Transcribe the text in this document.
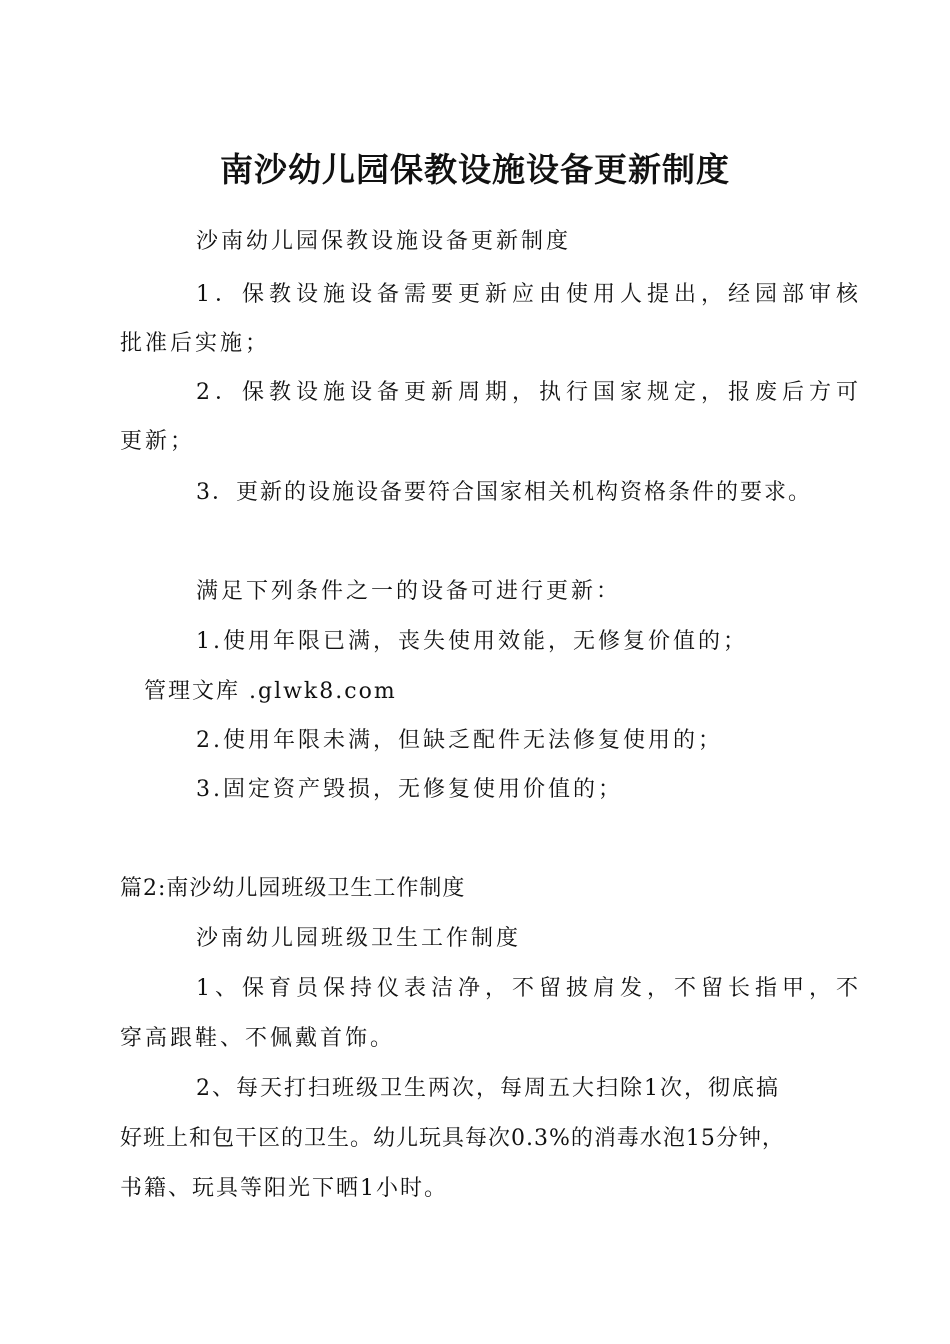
南沙幼儿园保教设施设备更新制度
沙南幼儿园保教设施设备更新制度
1．保教设施设备需要更新应由使用人提出，经园部审核
批准后实施；
2．保教设施设备更新周期，执行国家规定，报废后方可
更新；
3．更新的设施设备要符合国家相关机构资格条件的要求。
满足下列条件之一的设备可进行更新：
1.使用年限已满，丧失使用效能，无修复价值的；
管理文库 .glwk8.com
2.使用年限未满，但缺乏配件无法修复使用的；
3.固定资产毁损，无修复使用价值的；
篇2:南沙幼儿园班级卫生工作制度
沙南幼儿园班级卫生工作制度
1、保育员保持仪表洁净，不留披肩发，不留长指甲，不
穿高跟鞋、不佩戴首饰。
2、每天打扫班级卫生两次，每周五大扫除1次，彻底搞
好班上和包干区的卫生。幼儿玩具每次0.3%的消毒水泡15分钟，
书籍、玩具等阳光下晒1小时。
